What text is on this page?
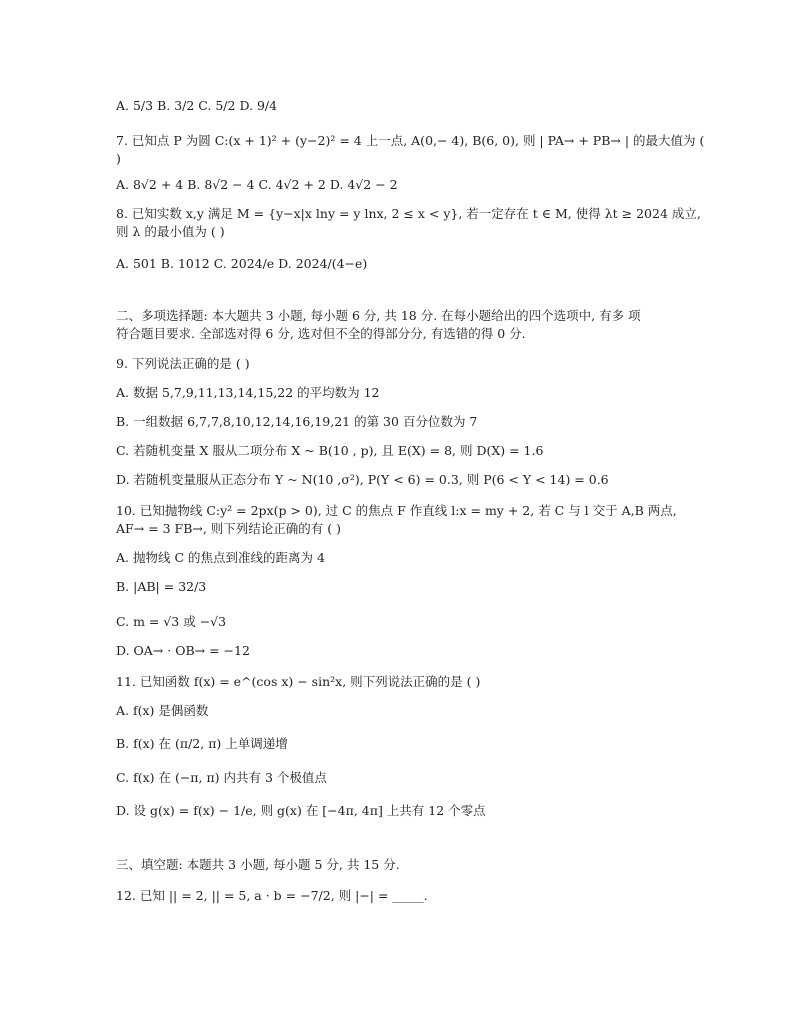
A. 5/3 B. 3/2 C. 5/2 D. 9/4
7. 已知点 P 为圆 C:(x + 1)² + (y−2)² = 4 上一点, A(0,− 4), B(6, 0), 则 | PA→ + PB→ | 的最大值为 (
)
A. 8√2 + 4 B. 8√2 − 4 C. 4√2 + 2 D. 4√2 − 2
8. 已知实数 x,y 满足 M = {y−x|x lny = y lnx, 2 ≤ x < y}, 若一定存在 t ∈ M, 使得 λt ≥ 2024 成立,
则 λ 的最小值为 ( )
A. 501 B. 1012 C. 2024/e D. 2024/(4−e)
二、多项选择题: 本大题共 3 小题, 每小题 6 分, 共 18 分. 在每小题给出的四个选项中, 有多 项
符合题目要求. 全部选对得 6 分, 选对但不全的得部分分, 有选错的得 0 分.
9. 下列说法正确的是 ( )
A. 数据 5,7,9,11,13,14,15,22 的平均数为 12
B. 一组数据 6,7,7,8,10,12,14,16,19,21 的第 30 百分位数为 7
C. 若随机变量 X 服从二项分布 X ~ B(10 , p), 且 E(X) = 8, 则 D(X) = 1.6
D. 若随机变量服从正态分布 Y ~ N(10 ,σ²), P(Y < 6) = 0.3, 则 P(6 < Y < 14) = 0.6
10. 已知抛物线 C:y² = 2px(p > 0), 过 C 的焦点 F 作直线 l:x = my + 2, 若 C 与 l 交于 A,B 两点,
AF→ = 3 FB→, 则下列结论正确的有 ( )
A. 抛物线 C 的焦点到准线的距离为 4
B. |AB| = 32/3
C. m = √3 或 −√3
D. OA→ · OB→ = −12
11. 已知函数 f(x) = e^(cos x) − sin²x, 则下列说法正确的是 ( )
A. f(x) 是偶函数
B. f(x) 在 (π/2, π) 上单调递增
C. f(x) 在 (−π, π) 内共有 3 个极值点
D. 设 g(x) = f(x) − 1/e, 则 g(x) 在 [−4π, 4π] 上共有 12 个零点
三、填空题: 本题共 3 小题, 每小题 5 分, 共 15 分.
12. 已知 || = 2, || = 5, a · b = −7/2, 则 |−| = _____.
